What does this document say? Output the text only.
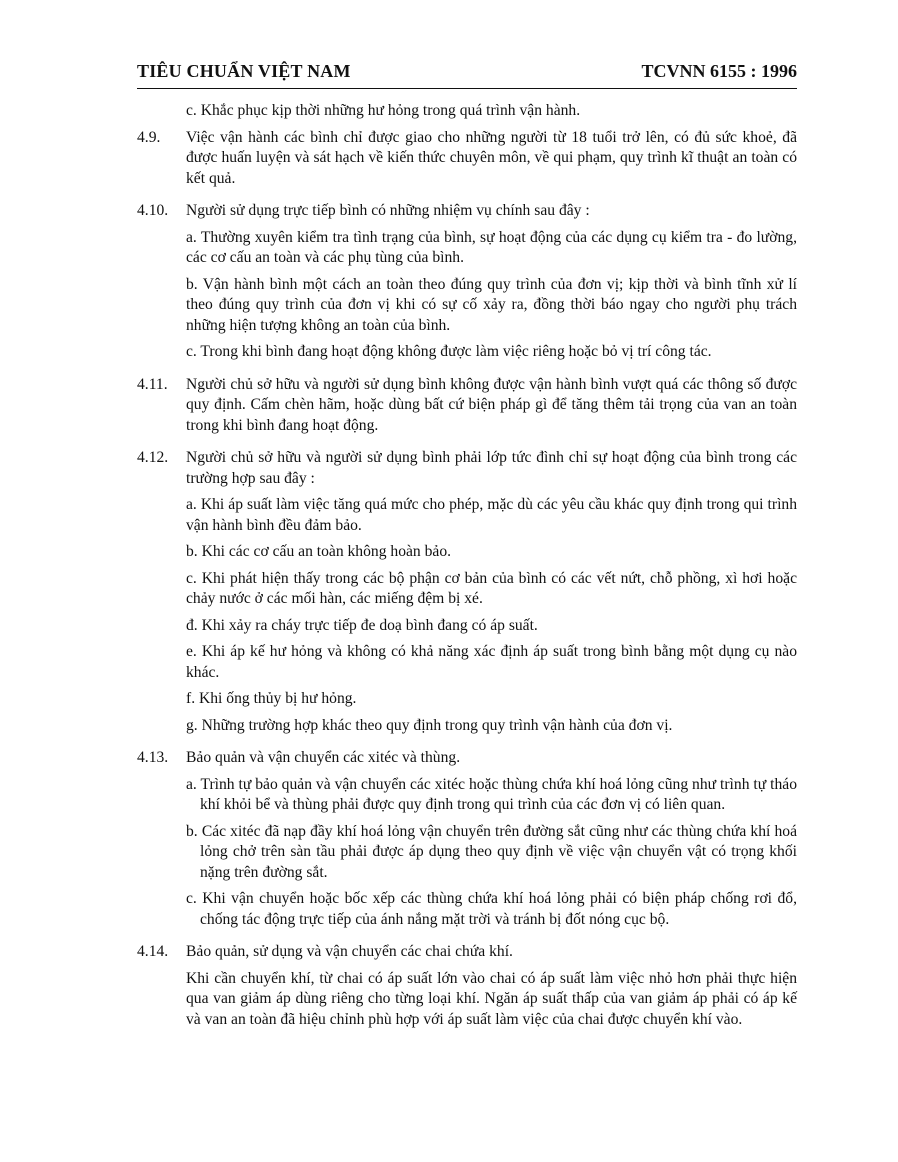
TIÊU CHUẨN VIỆT NAM	TCVNN 6155 : 1996
c. Khắc phục kịp thời những hư hỏng trong quá trình vận hành.
4.9.	Việc vận hành các bình chỉ được giao cho những người từ 18 tuổi trở lên, có đủ sức khoẻ, đã được huấn luyện và sát hạch về kiến thức chuyên môn, về qui phạm, quy trình kĩ thuật an toàn có kết quả.

4.10.	Người sử dụng trực tiếp bình có những nhiệm vụ chính sau đây :

a. Thường xuyên kiểm tra tình trạng của bình, sự hoạt động của các dụng cụ kiểm tra - đo lường, các cơ cấu an toàn và các phụ tùng của bình.

b. Vận hành bình một cách an toàn theo đúng quy trình của đơn vị; kịp thời và bình tĩnh xử lí theo đúng quy trình của đơn vị khi có sự cố xảy ra, đồng thời báo ngay cho người phụ trách những hiện tượng không an toàn của bình.

c. Trong khi bình đang hoạt động không được làm việc riêng hoặc bỏ vị trí công tác.

4.11.	Người chủ sở hữu và người sử dụng bình không được vận hành bình vượt quá các thông số được quy định. Cấm chèn hãm, hoặc dùng bất cứ biện pháp gì để tăng thêm tải trọng của van an toàn trong khi bình đang hoạt động.

4.12.	Người chủ sở hữu và người sử dụng bình phải lớp tức đình chỉ sự hoạt động của bình trong các trường hợp sau đây :

a. Khi áp suất làm việc tăng quá mức cho phép, mặc dù các yêu cầu khác quy định trong qui trình vận hành bình đều đảm bảo.

b. Khi các cơ cấu an toàn không hoàn bảo.

c. Khi phát hiện thấy trong các bộ phận cơ bản của bình có các vết nứt, chỗ phồng, xì hơi hoặc chảy nước ở các mối hàn, các miếng đệm bị xé.

đ. Khi xảy ra cháy trực tiếp đe doạ bình đang có áp suất.

e. Khi áp kế hư hỏng và không có khả năng xác định áp suất trong bình bằng một dụng cụ nào khác.

f. Khi ống thủy bị hư hỏng.

g. Những trường hợp khác theo quy định trong quy trình vận hành của đơn vị.

4.13.	Bảo quản và vận chuyển các xitéc và thùng.

a. Trình tự bảo quản và vận chuyển các xitéc hoặc thùng chứa khí hoá lỏng cũng như trình tự tháo khí khỏi bể và thùng phải được quy định trong qui trình của các đơn vị có liên quan.

b. Các xitéc đã nạp đầy khí hoá lỏng vận chuyển trên đường sắt cũng như các thùng chứa khí hoá lỏng chở trên sàn tầu phải được áp dụng theo quy định về việc vận chuyển vật có trọng khối nặng trên đường sắt.

c. Khi vận chuyển hoặc bốc xếp các thùng chứa khí hoá lỏng phải có biện pháp chống rơi đổ, chống tác động trực tiếp của ánh nắng mặt trời và tránh bị đốt nóng cục bộ.

4.14.	Bảo quản, sử dụng và vận chuyển các chai chứa khí.

Khi cần chuyển khí, từ chai có áp suất lớn vào chai có áp suất làm việc nhỏ hơn phải thực hiện qua van giảm áp dùng riêng cho từng loại khí. Ngăn áp suất thấp của van giảm áp phải có áp kế và van an toàn đã hiệu chỉnh phù hợp với áp suất làm việc của chai được chuyển khí vào.
